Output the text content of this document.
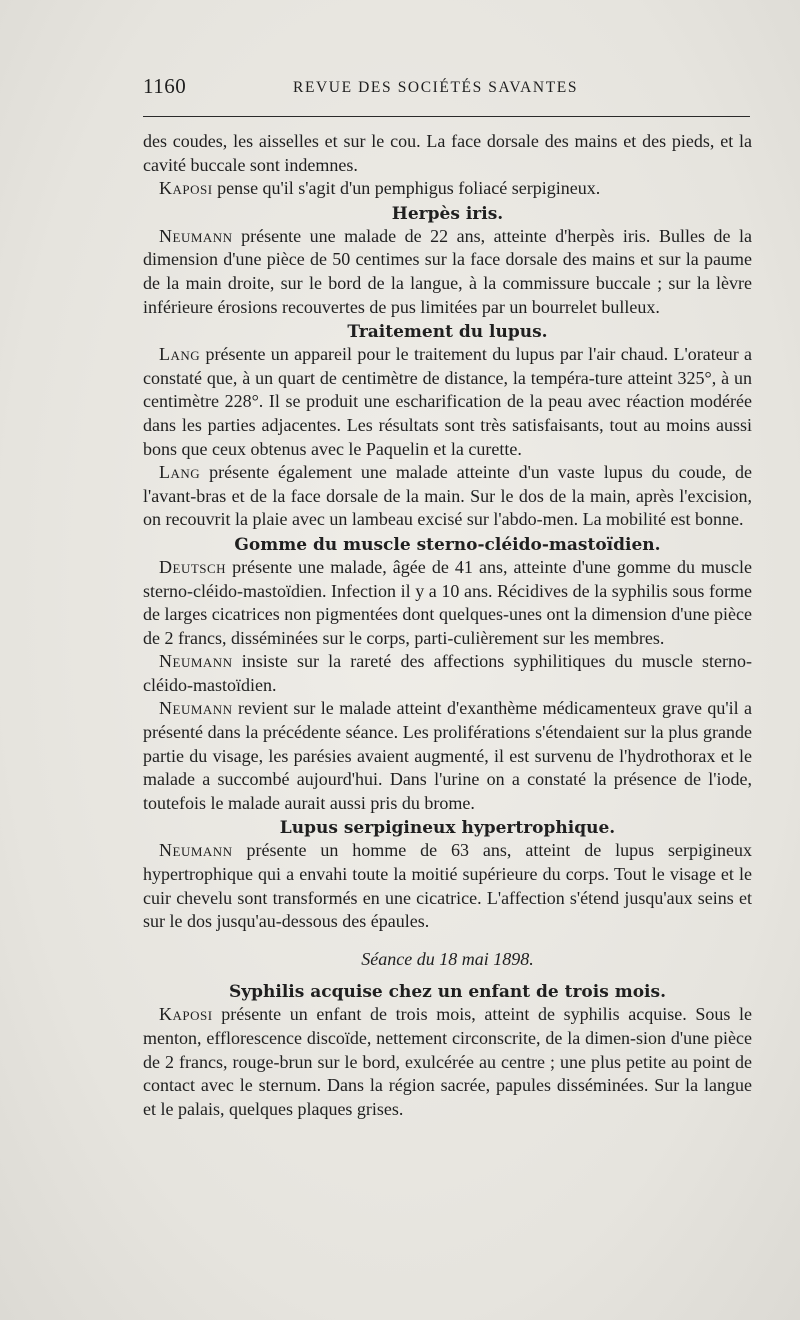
1160	REVUE DES SOCIÉTÉS SAVANTES

des coudes, les aisselles et sur le cou. La face dorsale des mains et des pieds, et la cavité buccale sont indemnes.

Kaposi pense qu'il s'agit d'un pemphigus foliacé serpigineux.

Herpès iris.

Neumann présente une malade de 22 ans, atteinte d'herpès iris. Bulles de la dimension d'une pièce de 50 centimes sur la face dorsale des mains et sur la paume de la main droite, sur le bord de la langue, à la commissure buccale ; sur la lèvre inférieure érosions recouvertes de pus limitées par un bourrelet bulleux.

Traitement du lupus.

Lang présente un appareil pour le traitement du lupus par l'air chaud. L'orateur a constaté que, à un quart de centimètre de distance, la tempéra-ture atteint 325°, à un centimètre 228°. Il se produit une escharification de la peau avec réaction modérée dans les parties adjacentes. Les résultats sont très satisfaisants, tout au moins aussi bons que ceux obtenus avec le Paquelin et la curette.

Lang présente également une malade atteinte d'un vaste lupus du coude, de l'avant-bras et de la face dorsale de la main. Sur le dos de la main, après l'excision, on recouvrit la plaie avec un lambeau excisé sur l'abdo-men. La mobilité est bonne.

Gomme du muscle sterno-cléido-mastoïdien.

Deutsch présente une malade, âgée de 41 ans, atteinte d'une gomme du muscle sterno-cléido-mastoïdien. Infection il y a 10 ans. Récidives de la syphilis sous forme de larges cicatrices non pigmentées dont quelques-unes ont la dimension d'une pièce de 2 francs, disséminées sur le corps, parti-culièrement sur les membres.

Neumann insiste sur la rareté des affections syphilitiques du muscle sterno-cléido-mastoïdien.

Neumann revient sur le malade atteint d'exanthème médicamenteux grave qu'il a présenté dans la précédente séance. Les proliférations s'étendaient sur la plus grande partie du visage, les parésies avaient augmenté, il est survenu de l'hydrothorax et le malade a succombé aujourd'hui. Dans l'urine on a constaté la présence de l'iode, toutefois le malade aurait aussi pris du brome.

Lupus serpigineux hypertrophique.

Neumann présente un homme de 63 ans, atteint de lupus serpigineux hypertrophique qui a envahi toute la moitié supérieure du corps. Tout le visage et le cuir chevelu sont transformés en une cicatrice. L'affection s'étend jusqu'aux seins et sur le dos jusqu'au-dessous des épaules.

Séance du 18 mai 1898.
Syphilis acquise chez un enfant de trois mois.

Kaposi présente un enfant de trois mois, atteint de syphilis acquise. Sous le menton, efflorescence discoïde, nettement circonscrite, de la dimen-sion d'une pièce de 2 francs, rouge-brun sur le bord, exulcérée au centre ; une plus petite au point de contact avec le sternum. Dans la région sacrée, papules disséminées. Sur la langue et le palais, quelques plaques grises.
